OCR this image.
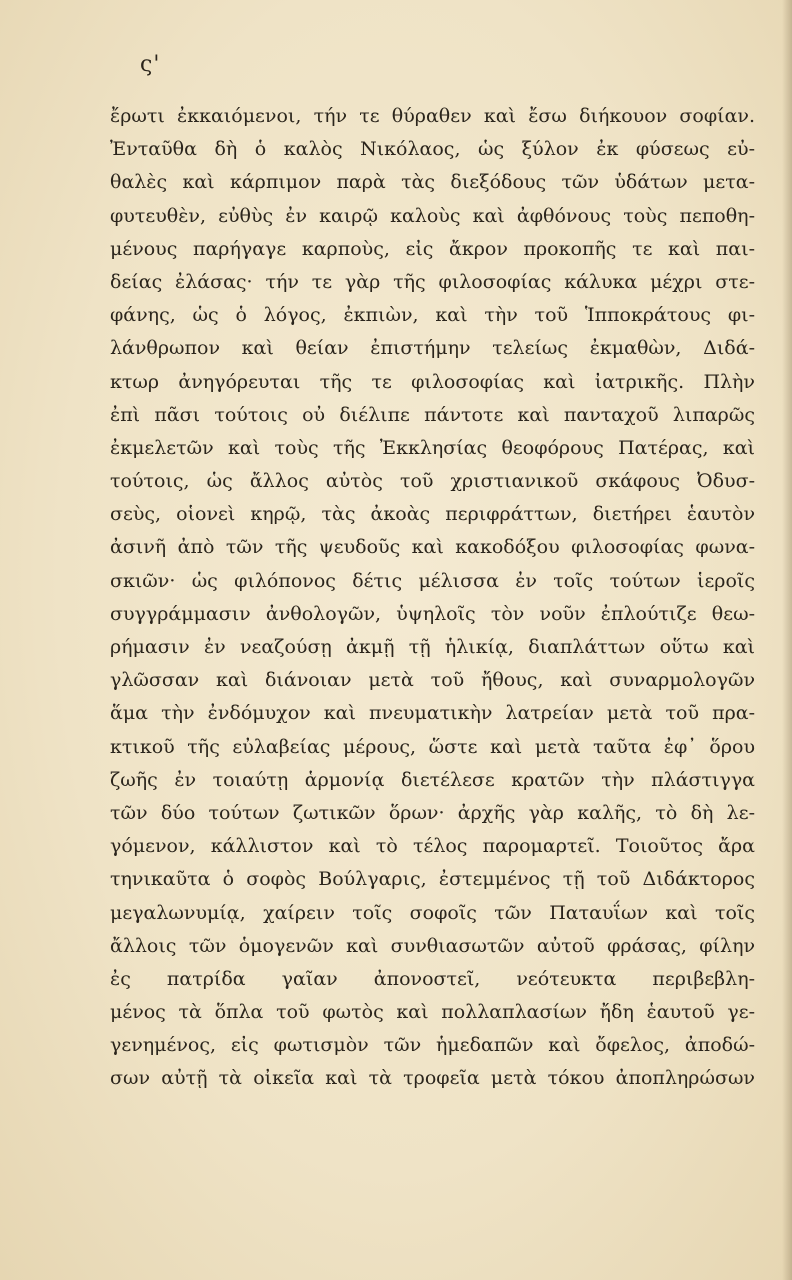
ς'
ἔρωτι ἐκκαιόμενοι, τήν τε θύραθεν καὶ ἔσω διήκουον σοφίαν.
Ἐνταῦθα δὴ ὁ καλὸς Νικόλαος, ὡς ξύλον ἐκ φύσεως εὐ-
θαλὲς καὶ κάρπιμον παρὰ τὰς διεξόδους τῶν ὑδάτων μετα-
φυτευθὲν, εὐθὺς ἐν καιρῷ καλοὺς καὶ ἀφθόνους τοὺς πεποθη-
μένους παρήγαγε καρποὺς, εἰς ἄκρον προκοπῆς τε καὶ παι-
δείας ἐλάσας· τήν τε γὰρ τῆς φιλοσοφίας κάλυκα μέχρι στε-
φάνης, ὡς ὁ λόγος, ἐκπιὼν, καὶ τὴν τοῦ Ἱπποκράτους φι-
λάνθρωπον καὶ θείαν ἐπιστήμην τελείως ἐκμαθὼν, Διδά-
κτωρ ἀνηγόρευται τῆς τε φιλοσοφίας καὶ ἰατρικῆς. Πλὴν
ἐπὶ πᾶσι τούτοις οὐ διέλιπε πάντοτε καὶ πανταχοῦ λιπαρῶς
ἐκμελετῶν καὶ τοὺς τῆς Ἐκκλησίας θεοφόρους Πατέρας, καὶ
τούτοις, ὡς ἄλλος αὐτὸς τοῦ χριστιανικοῦ σκάφους Ὀδυσ-
σεὺς, οἱονεὶ κηρῷ, τὰς ἀκοὰς περιφράττων, διετήρει ἑαυτὸν
ἀσινῆ ἀπὸ τῶν τῆς ψευδοῦς καὶ κακοδόξου φιλοσοφίας φωνα-
σκιῶν· ὡς φιλόπονος δέτις μέλισσα ἐν τοῖς τούτων ἱεροῖς
συγγράμμασιν ἀνθολογῶν, ὑψηλοῖς τὸν νοῦν ἐπλούτιζε θεω-
ρήμασιν ἐν νεαζούσῃ ἀκμῇ τῇ ἡλικίᾳ, διαπλάττων οὕτω καὶ
γλῶσσαν καὶ διάνοιαν μετὰ τοῦ ἤθους, καὶ συναρμολογῶν
ἅμα τὴν ἐνδόμυχον καὶ πνευματικὴν λατρείαν μετὰ τοῦ πρα-
κτικοῦ τῆς εὐλαβείας μέρους, ὥστε καὶ μετὰ ταῦτα ἐφ᾽ ὅρου
ζωῆς ἐν τοιαύτῃ ἁρμονίᾳ διετέλεσε κρατῶν τὴν πλάστιγγα
τῶν δύο τούτων ζωτικῶν ὅρων· ἀρχῆς γὰρ καλῆς, τὸ δὴ λε-
γόμενον, κάλλιστον καὶ τὸ τέλος παρομαρτεῖ. Τοιοῦτος ἄρα
τηνικαῦτα ὁ σοφὸς Βούλγαρις, ἐστεμμένος τῇ τοῦ Διδάκτορος
μεγαλωνυμίᾳ, χαίρειν τοῖς σοφοῖς τῶν Παταυΐων καὶ τοῖς
ἄλλοις τῶν ὁμογενῶν καὶ συνθιασωτῶν αὐτοῦ φράσας, φίλην
ἐς πατρίδα γαῖαν ἀπονοστεῖ, νεότευκτα περιβεβλη-
μένος τὰ ὅπλα τοῦ φωτὸς καὶ πολλαπλασίων ἤδη ἑαυτοῦ γε-
γενημένος, εἰς φωτισμὸν τῶν ἡμεδαπῶν καὶ ὄφελος, ἀποδώ-
σων αὐτῇ τὰ οἰκεῖα καὶ τὰ τροφεῖα μετὰ τόκου ἀποπληρώσων
